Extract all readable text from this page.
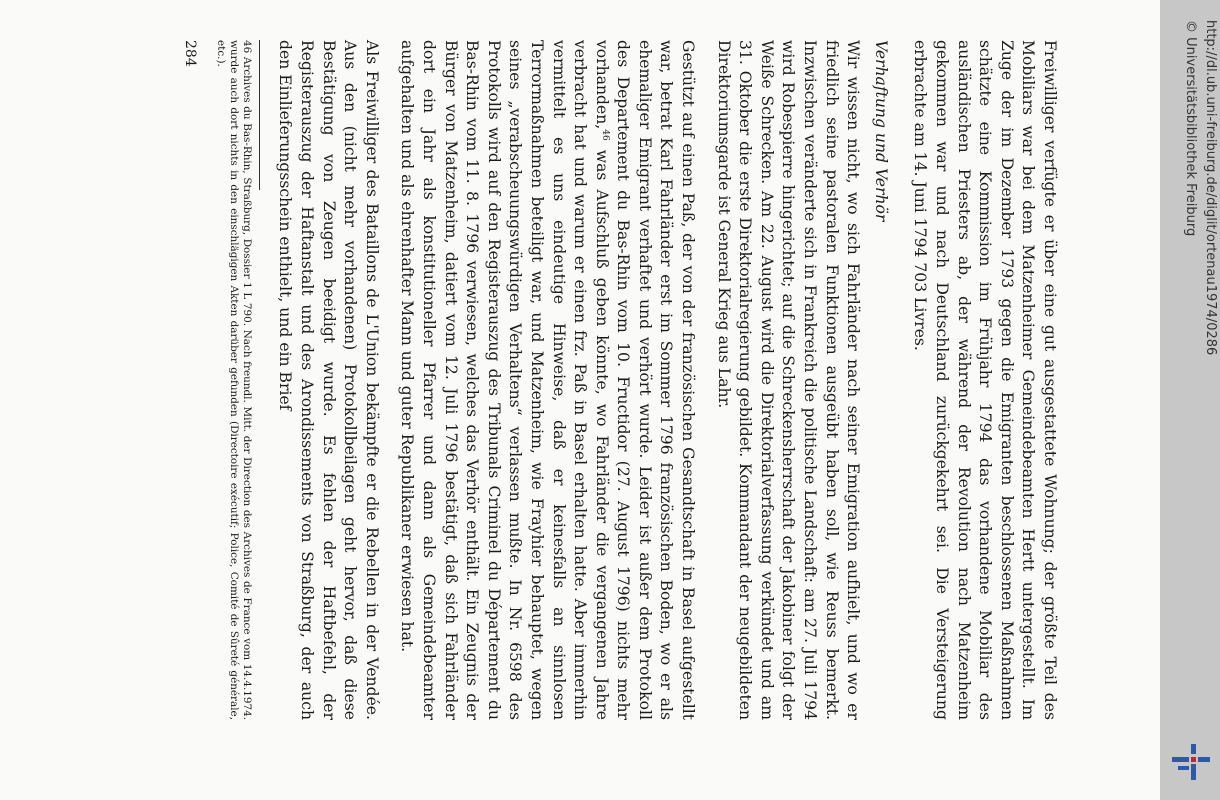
Freiwilliger verfügte er über eine gut ausgestattete Wohnung; der größte Teil des Mobiliars war bei dem Matzenheimer Gemeindebeamten Hertt untergestellt. Im Zuge der im Dezember 1793 gegen die Emigranten beschlossenen Maßnahmen schätzte eine Kommission im Frühjahr 1794 das vorhandene Mobiliar des ausländischen Priesters ab, der während der Revolution nach Matzenheim gekommen war und nach Deutschland zurückgekehrt sei. Die Versteigerung erbrachte am 14. Juni 1794 703 Livres.

Verhaftung und Verhör

Wir wissen nicht, wo sich Fahrländer nach seiner Emigration aufhielt, und wo er friedlich seine pastoralen Funktionen ausgeübt haben soll, wie Reuss bemerkt. Inzwischen veränderte sich in Frankreich die politische Landschaft: am 27. Juli 1794 wird Robespierre hingerichtet; auf die Schreckensherrschaft der Jakobiner folgt der Weiße Schrecken. Am 22. August wird die Direktorialverfassung verkündet und am 31. Oktober die erste Direktorialregierung gebildet. Kommandant der neugebildeten Direktoriumsgarde ist General Krieg aus Lahr.

Gestützt auf einen Paß, der von der französischen Gesandtschaft in Basel aufgestellt war, betrat Karl Fahrländer erst im Sommer 1796 französischen Boden, wo er als ehemaliger Emigrant verhaftet und verhört wurde. Leider ist außer dem Protokoll des Departement du Bas-Rhin vom 10. Fructidor (27. August 1796) nichts mehr vorhanden,$^{46}$ was Aufschluß geben könnte, wo Fahrländer die vergangenen Jahre verbracht hat und warum er einen frz. Paß in Basel erhalten hatte. Aber immerhin vermittelt es uns eindeutige Hinweise, daß er keinesfalls an sinnlosen Terrormaßnahmen beteiligt war, und Matzenheim, wie Frayhier behauptet, wegen seines „verabscheuungswürdigen Verhaltens“ verlassen mußte. In Nr. 6598 des Protokolls wird auf den Registerauszug des Tribunals Criminel du Département du Bas-Rhin vom 11. 8. 1796 verwiesen, welches das Verhör enthält. Ein Zeugnis der Bürger von Matzenheim, datiert vom 12. Juli 1796 bestätigt, daß sich Fahrländer dort ein Jahr als konstitutioneller Pfarrer und dann als Gemeindebeamter aufgehalten und als ehrenhafter Mann und guter Republikaner erwiesen hat.

Als Freiwilliger des Bataillons de L'Union bekämpfte er die Rebellen in der Vendée. Aus den (nicht mehr vorhandenen) Protokollbeilagen geht hervor, daß diese Bestätigung von Zeugen beeidigt wurde. Es fehlen der Haftbefehl, der Registerauszug der Haftanstalt und des Arondissements von Straßburg, der auch den Einlieferungsschein enthielt, und ein Brief

46 Archives du Bas-Rhin, Straßburg, Dossier 1 L 790. Nach freundl. Mitt. der Direction des Archives de France vom 14.4.1974. wurde auch dort nichts in den einschlägigen Akten darüber gefunden (Directoire exécutif; Police, Comité de Sûreté générale, etc.).
284	http://dl.ub.uni-freiburg.de/diglit/ortenau1974/0286
© Universitätsbibliothek Freiburg
